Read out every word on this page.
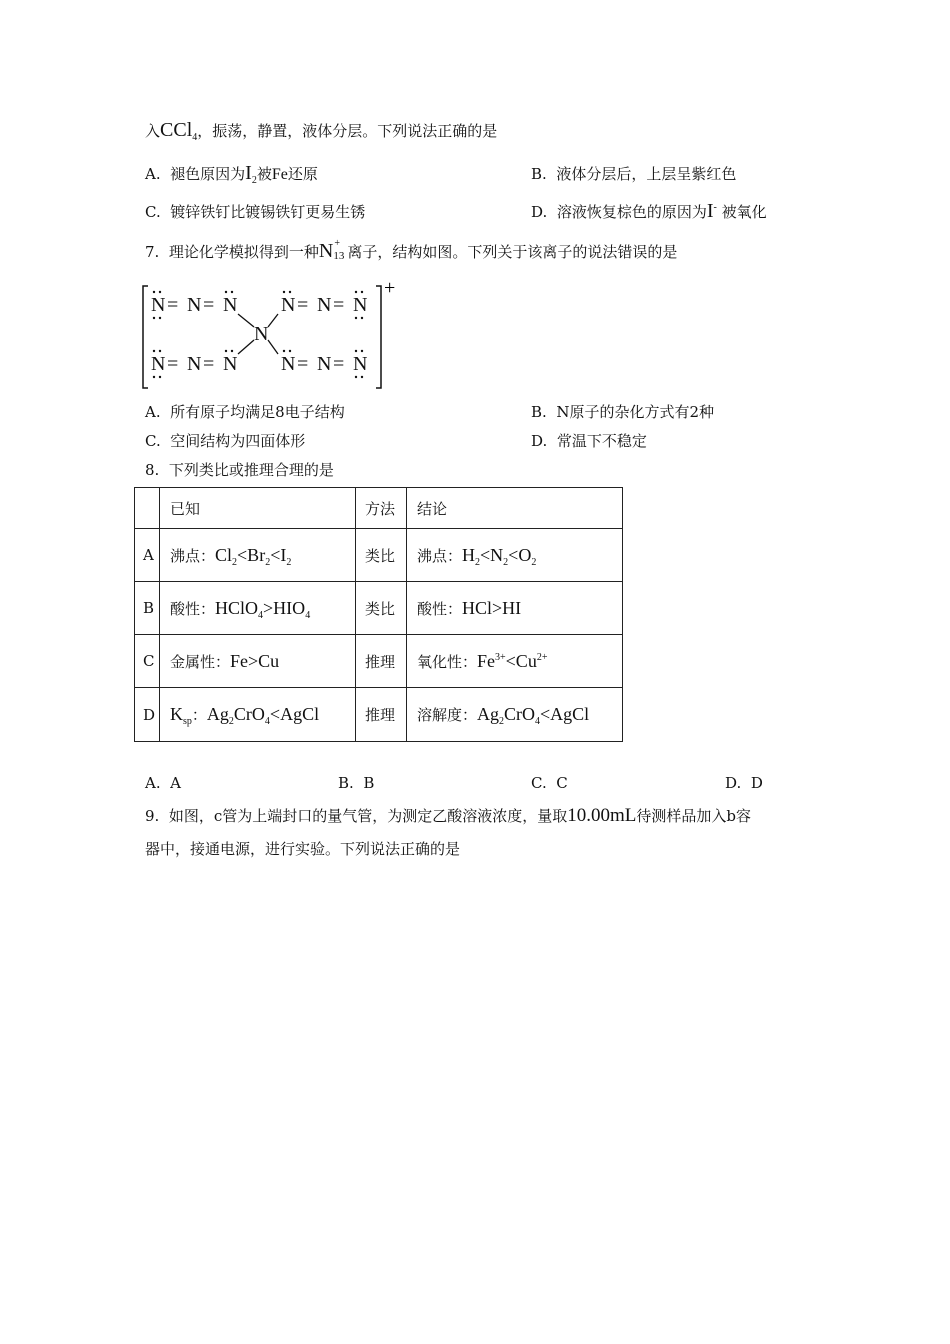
入CCl$_4$，振荡，静置，液体分层。下列说法正确的是
A. 褪色原因为$I_2$被Fe还原	B. 液体分层后，上层呈紫红色
C. 镀锌铁钉比镀锡铁钉更易生锈	D. 溶液恢复棕色的原因为I- 被氧化
7. 理论化学模拟得到一种N +
13 离子，结构如图。下列关于该离子的说法错误的是
+
N = N = N N = N = N
N
N = N = N N = N = N
A. 所有原子均满足8电子结构	B. N原子的杂化方式有2种
C. 空间结构为四面体形	D. 常温下不稳定
8. 下列类比或推理合理的是
	已知	方法	结论
A	沸点：$Cl_2<Br_2<I_2$	类比	沸点：$H_2<N_2<O_2$
B	酸性：$HClO_4>HIO_4$	类比	酸性：HCl>HI
C	金属性：Fe>Cu	推理	氧化性：$Fe^{3+}<Cu^{2+}$
D	$K_{sp}$：$Ag_2CrO_4<AgCl$	推理	溶解度：$Ag_2CrO_4<AgCl$
A. A	B. B	C. C	D. D
9. 如图，c管为上端封口的量气管，为测定乙酸溶液浓度，量取10.00mL待测样品加入b容
器中，接通电源，进行实验。下列说法正确的是
